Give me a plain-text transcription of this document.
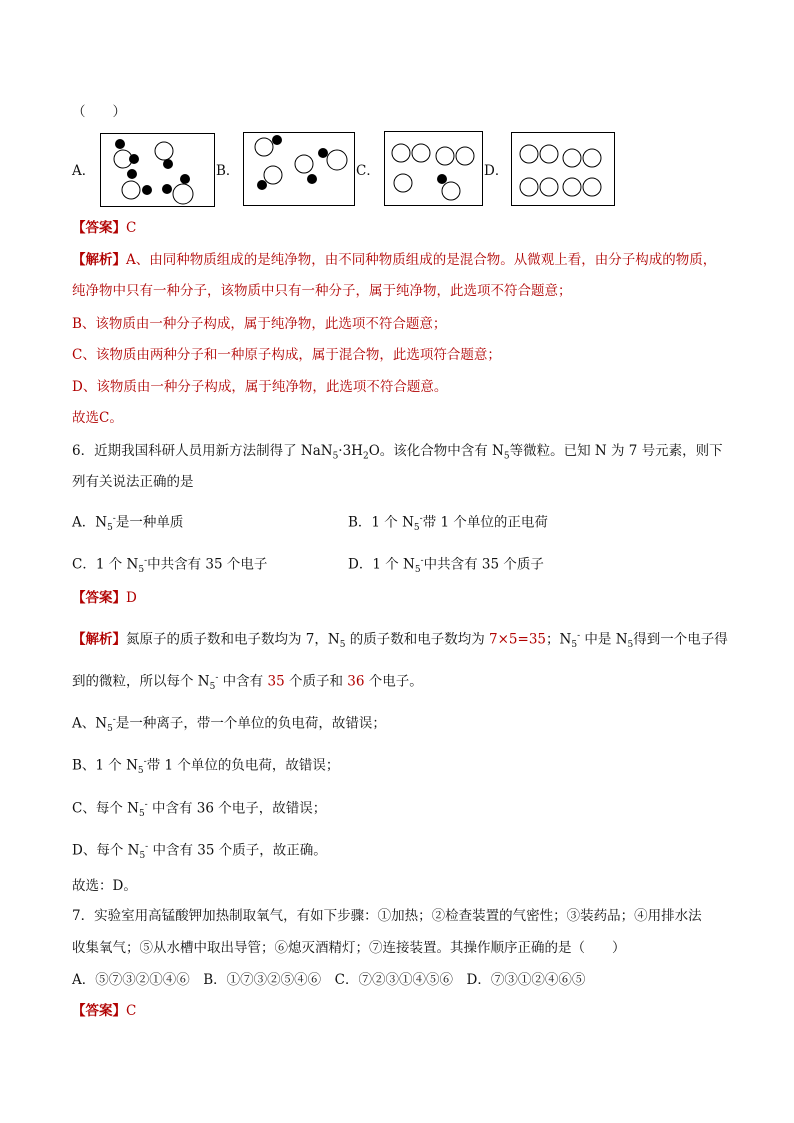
（　　）
A．	B．	C．	D．
【答案】C
【解析】A、由同种物质组成的是纯净物，由不同种物质组成的是混合物。从微观上看，由分子构成的物质，
纯净物中只有一种分子，该物质中只有一种分子，属于纯净物，此选项不符合题意；
B、该物质由一种分子构成，属于纯净物，此选项不符合题意；
C、该物质由两种分子和一种原子构成，属于混合物，此选项符合题意；
D、该物质由一种分子构成，属于纯净物，此选项不符合题意。
故选C。
6．近期我国科研人员用新方法制得了 $NaN_5\cdot 3H_2O$。该化合物中含有 $N_5$等微粒。已知 N 为 7 号元素，则下
列有关说法正确的是
A．$N_5^-$是一种单质	B．1 个 $N_5^-$带 1 个单位的正电荷
C．1 个 $N_5^-$中共含有 35 个电子	D．1 个 $N_5^-$中共含有 35 个质子
【答案】D
【解析】氮原子的质子数和电子数均为 7，$N_5$ 的质子数和电子数均为 7×5=35；$N_5^-$ 中是 $N_5$得到一个电子得
到的微粒，所以每个 $N_5^-$ 中含有 35 个质子和 36 个电子。
A、$N_5^-$是一种离子，带一个单位的负电荷，故错误；
B、1 个 $N_5^-$带 1 个单位的负电荷，故错误；
C、每个 $N_5^-$ 中含有 36 个电子，故错误；
D、每个 $N_5^-$ 中含有 35 个质子，故正确。
故选：D。
7．实验室用高锰酸钾加热制取氧气，有如下步骤：①加热；②检查装置的气密性；③装药品；④用排水法
收集氧气；⑤从水槽中取出导管；⑥熄灭酒精灯；⑦连接装置。其操作顺序正确的是（　　）
A．⑤⑦③②①④⑥　B．①⑦③②⑤④⑥　C．⑦②③①④⑤⑥　D．⑦③①②④⑥⑤
【答案】C
